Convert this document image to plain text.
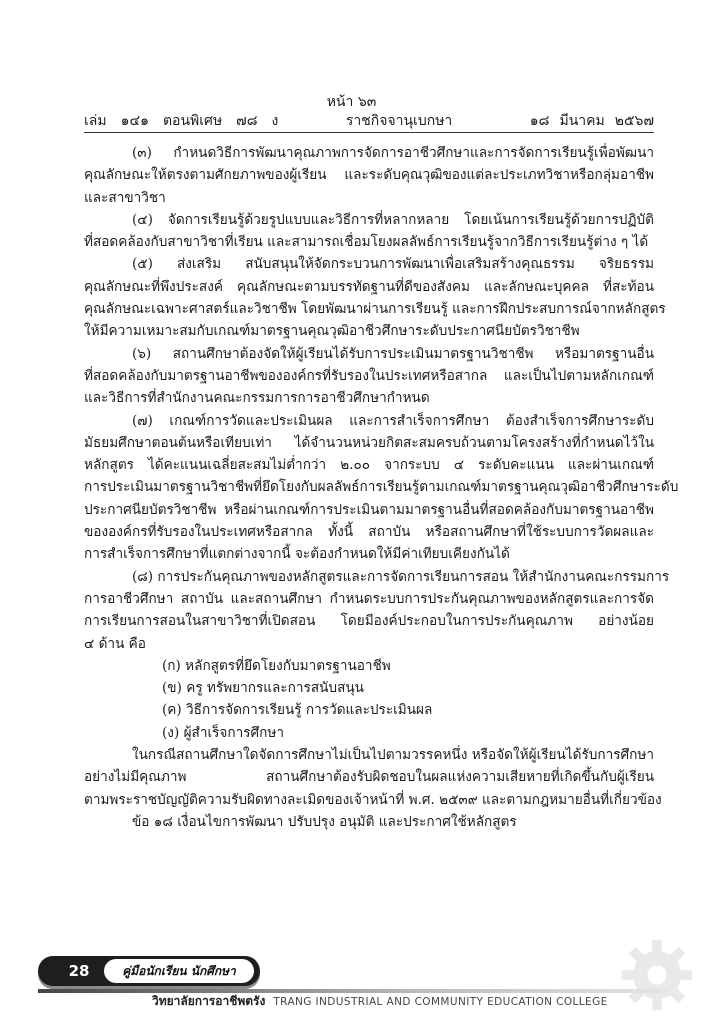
หน้า ๖๓
เล่ม ๑๔๑ ตอนพิเศษ ๗๘ ง	ราชกิจจานุเบกษา	๑๘ มีนาคม ๒๕๖๗
(๓) กำหนดวิธีการพัฒนาคุณภาพการจัดการอาชีวศึกษาและการจัดการเรียนรู้เพื่อพัฒนา
คุณลักษณะให้ตรงตามศักยภาพของผู้เรียน และระดับคุณวุฒิของแต่ละประเภทวิชาหรือกลุ่มอาชีพ
และสาขาวิชา
(๔) จัดการเรียนรู้ด้วยรูปแบบและวิธีการที่หลากหลาย โดยเน้นการเรียนรู้ด้วยการปฏิบัติ
ที่สอดคล้องกับสาขาวิชาที่เรียน และสามารถเชื่อมโยงผลลัพธ์การเรียนรู้จากวิธีการเรียนรู้ต่าง ๆ ได้
(๕) ส่งเสริม สนับสนุนให้จัดกระบวนการพัฒนาเพื่อเสริมสร้างคุณธรรม จริยธรรม
คุณลักษณะที่พึงประสงค์ คุณลักษณะตามบรรทัดฐานที่ดีของสังคม และลักษณะบุคคล ที่สะท้อน
คุณลักษณะเฉพาะศาสตร์และวิชาชีพ โดยพัฒนาผ่านการเรียนรู้ และการฝึกประสบการณ์จากหลักสูตร
ให้มีความเหมาะสมกับเกณฑ์มาตรฐานคุณวุฒิอาชีวศึกษาระดับประกาศนียบัตรวิชาชีพ
(๖) สถานศึกษาต้องจัดให้ผู้เรียนได้รับการประเมินมาตรฐานวิชาชีพ หรือมาตรฐานอื่น
ที่สอดคล้องกับมาตรฐานอาชีพขององค์กรที่รับรองในประเทศหรือสากล และเป็นไปตามหลักเกณฑ์
และวิธีการที่สำนักงานคณะกรรมการการอาชีวศึกษากำหนด
(๗) เกณฑ์การวัดและประเมินผล และการสำเร็จการศึกษา ต้องสำเร็จการศึกษาระดับ
มัธยมศึกษาตอนต้นหรือเทียบเท่า ได้จำนวนหน่วยกิตสะสมครบถ้วนตามโครงสร้างที่กำหนดไว้ใน
หลักสูตร ได้คะแนนเฉลี่ยสะสมไม่ต่ำกว่า ๒.๐๐ จากระบบ ๔ ระดับคะแนน และผ่านเกณฑ์
การประเมินมาตรฐานวิชาชีพที่ยึดโยงกับผลลัพธ์การเรียนรู้ตามเกณฑ์มาตรฐานคุณวุฒิอาชีวศึกษาระดับ
ประกาศนียบัตรวิชาชีพ หรือผ่านเกณฑ์การประเมินตามมาตรฐานอื่นที่สอดคล้องกับมาตรฐานอาชีพ
ขององค์กรที่รับรองในประเทศหรือสากล ทั้งนี้ สถาบัน หรือสถานศึกษาที่ใช้ระบบการวัดผลและ
การสำเร็จการศึกษาที่แตกต่างจากนี้ จะต้องกำหนดให้มีค่าเทียบเคียงกันได้
(๘) การประกันคุณภาพของหลักสูตรและการจัดการเรียนการสอน ให้สำนักงานคณะกรรมการ
การอาชีวศึกษา สถาบัน และสถานศึกษา กำหนดระบบการประกันคุณภาพของหลักสูตรและการจัด
การเรียนการสอนในสาขาวิชาที่เปิดสอน โดยมีองค์ประกอบในการประกันคุณภาพ อย่างน้อย
๔ ด้าน คือ
(ก) หลักสูตรที่ยึดโยงกับมาตรฐานอาชีพ
(ข) ครู ทรัพยากรและการสนับสนุน
(ค) วิธีการจัดการเรียนรู้ การวัดและประเมินผล
(ง) ผู้สำเร็จการศึกษา
ในกรณีสถานศึกษาใดจัดการศึกษาไม่เป็นไปตามวรรคหนึ่ง หรือจัดให้ผู้เรียนได้รับการศึกษา
อย่างไม่มีคุณภาพ สถานศึกษาต้องรับผิดชอบในผลแห่งความเสียหายที่เกิดขึ้นกับผู้เรียน
ตามพระราชบัญญัติความรับผิดทางละเมิดของเจ้าหน้าที่ พ.ศ. ๒๕๓๙ และตามกฎหมายอื่นที่เกี่ยวข้อง
ข้อ ๑๘ เงื่อนไขการพัฒนา ปรับปรุง อนุมัติ และประกาศใช้หลักสูตร
28	คู่มือนักเรียน นักศึกษา
วิทยาลัยการอาชีพตรัง TRANG INDUSTRIAL AND COMMUNITY EDUCATION COLLEGE
